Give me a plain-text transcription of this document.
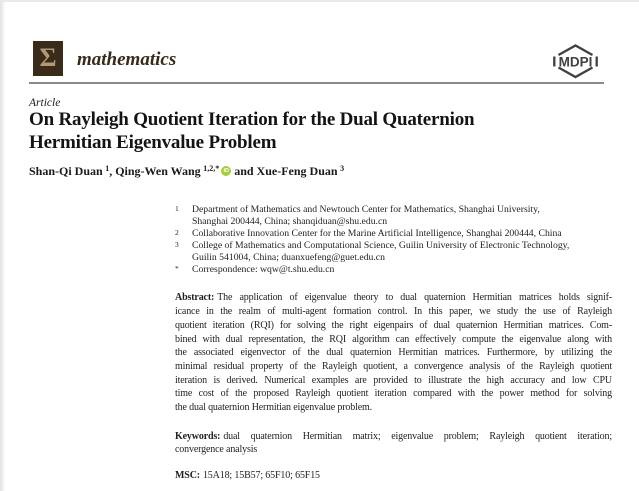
Σ mathematics	MDPI
Article
On Rayleigh Quotient Iteration for the Dual Quaternion
Hermitian Eigenvalue Problem
Shan-Qi Duan $^1$, Qing-Wen Wang $^{1,2,*}$ iD and Xue-Feng Duan $^3$
1	Department of Mathematics and Newtouch Center for Mathematics, Shanghai University,
Shanghai 200444, China; shanqiduan@shu.edu.cn
2	Collaborative Innovation Center for the Marine Artificial Intelligence, Shanghai 200444, China
3	College of Mathematics and Computational Science, Guilin University of Electronic Technology,
Guilin 541004, China; duanxuefeng@guet.edu.cn
*	Correspondence: wqw@t.shu.edu.cn
Abstract: The application of eigenvalue theory to dual quaternion Hermitian matrices holds signif-
icance in the realm of multi-agent formation control. In this paper, we study the use of Rayleigh
quotient iteration (RQI) for solving the right eigenpairs of dual quaternion Hermitian matrices. Com-
bined with dual representation, the RQI algorithm can effectively compute the eigenvalue along with
the associated eigenvector of the dual quaternion Hermitian matrices. Furthermore, by utilizing the
minimal residual property of the Rayleigh quotient, a convergence analysis of the Rayleigh quotient
iteration is derived. Numerical examples are provided to illustrate the high accuracy and low CPU
time cost of the proposed Rayleigh quotient iteration compared with the power method for solving
the dual quaternion Hermitian eigenvalue problem.
Keywords: dual quaternion Hermitian matrix; eigenvalue problem; Rayleigh quotient iteration;
convergence analysis
MSC: 15A18; 15B57; 65F10; 65F15
